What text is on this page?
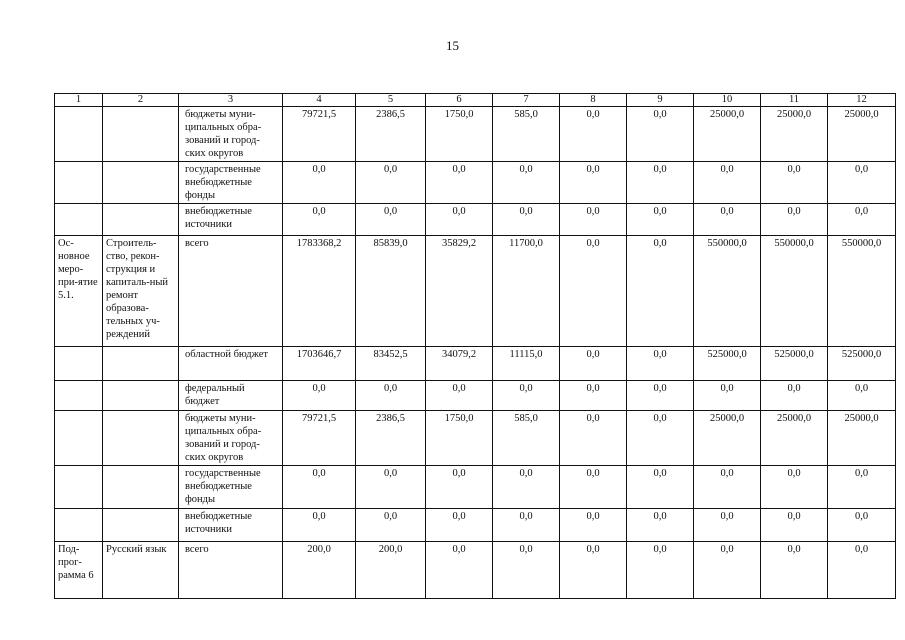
15
1	2	3	4	5	6	7	8	9	10	11	12
		бюджеты муни-ципальных обра-зований и город-ских округов	79721,5	2386,5	1750,0	585,0	0,0	0,0	25000,0	25000,0	25000,0
		государственные внебюджетные фонды	0,0	0,0	0,0	0,0	0,0	0,0	0,0	0,0	0,0
		внебюджетные источники	0,0	0,0	0,0	0,0	0,0	0,0	0,0	0,0	0,0
Ос-новное меро-при-ятие 5.1.	Строитель-ство, рекон-струкция и капиталь-ный ремонт образова-тельных уч-реждений	всего	1783368,2	85839,0	35829,2	11700,0	0,0	0,0	550000,0	550000,0	550000,0
		областной бюджет	1703646,7	83452,5	34079,2	11115,0	0,0	0,0	525000,0	525000,0	525000,0
		федеральный бюджет	0,0	0,0	0,0	0,0	0,0	0,0	0,0	0,0	0,0
		бюджеты муни-ципальных обра-зований и город-ских округов	79721,5	2386,5	1750,0	585,0	0,0	0,0	25000,0	25000,0	25000,0
		государственные внебюджетные фонды	0,0	0,0	0,0	0,0	0,0	0,0	0,0	0,0	0,0
		внебюджетные источники	0,0	0,0	0,0	0,0	0,0	0,0	0,0	0,0	0,0
Под-прог-рамма 6	Русский язык	всего	200,0	200,0	0,0	0,0	0,0	0,0	0,0	0,0	0,0
